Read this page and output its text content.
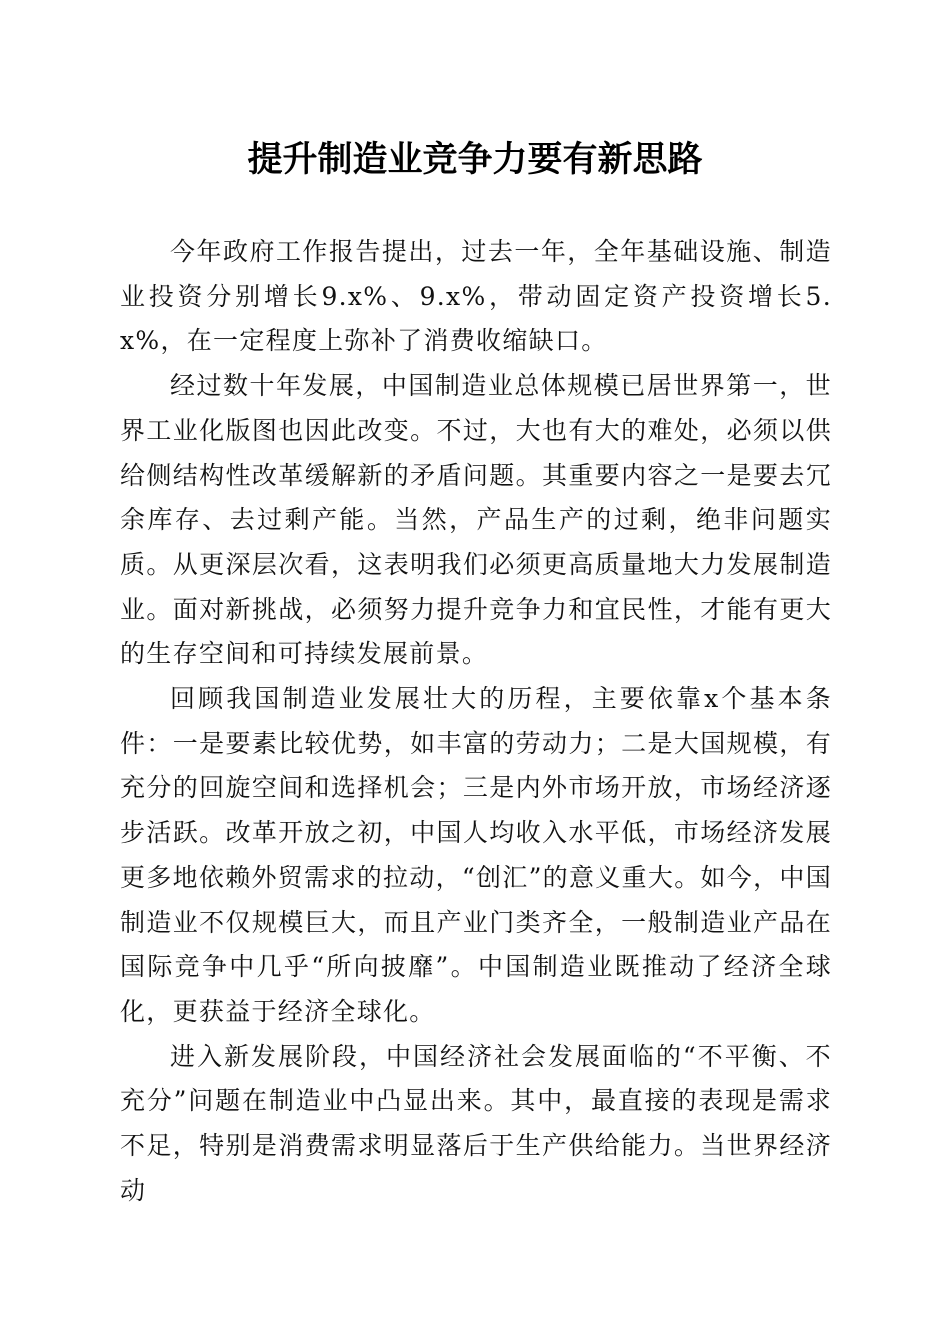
提升制造业竞争力要有新思路

今年政府工作报告提出，过去一年，全年基础设施、制造业投资分别增长9.x%、9.x%，带动固定资产投资增长5.x%，在一定程度上弥补了消费收缩缺口。

经过数十年发展，中国制造业总体规模已居世界第一，世界工业化版图也因此改变。不过，大也有大的难处，必须以供给侧结构性改革缓解新的矛盾问题。其重要内容之一是要去冗余库存、去过剩产能。当然，产品生产的过剩，绝非问题实质。从更深层次看，这表明我们必须更高质量地大力发展制造业。面对新挑战，必须努力提升竞争力和宜民性，才能有更大的生存空间和可持续发展前景。

回顾我国制造业发展壮大的历程，主要依靠x个基本条件：一是要素比较优势，如丰富的劳动力；二是大国规模，有充分的回旋空间和选择机会；三是内外市场开放，市场经济逐步活跃。改革开放之初，中国人均收入水平低，市场经济发展更多地依赖外贸需求的拉动，“创汇”的意义重大。如今，中国制造业不仅规模巨大，而且产业门类齐全，一般制造业产品在国际竞争中几乎“所向披靡”。中国制造业既推动了经济全球化，更获益于经济全球化。

进入新发展阶段，中国经济社会发展面临的“不平衡、不充分”问题在制造业中凸显出来。其中，最直接的表现是需求不足，特别是消费需求明显落后于生产供给能力。当世界经济动
